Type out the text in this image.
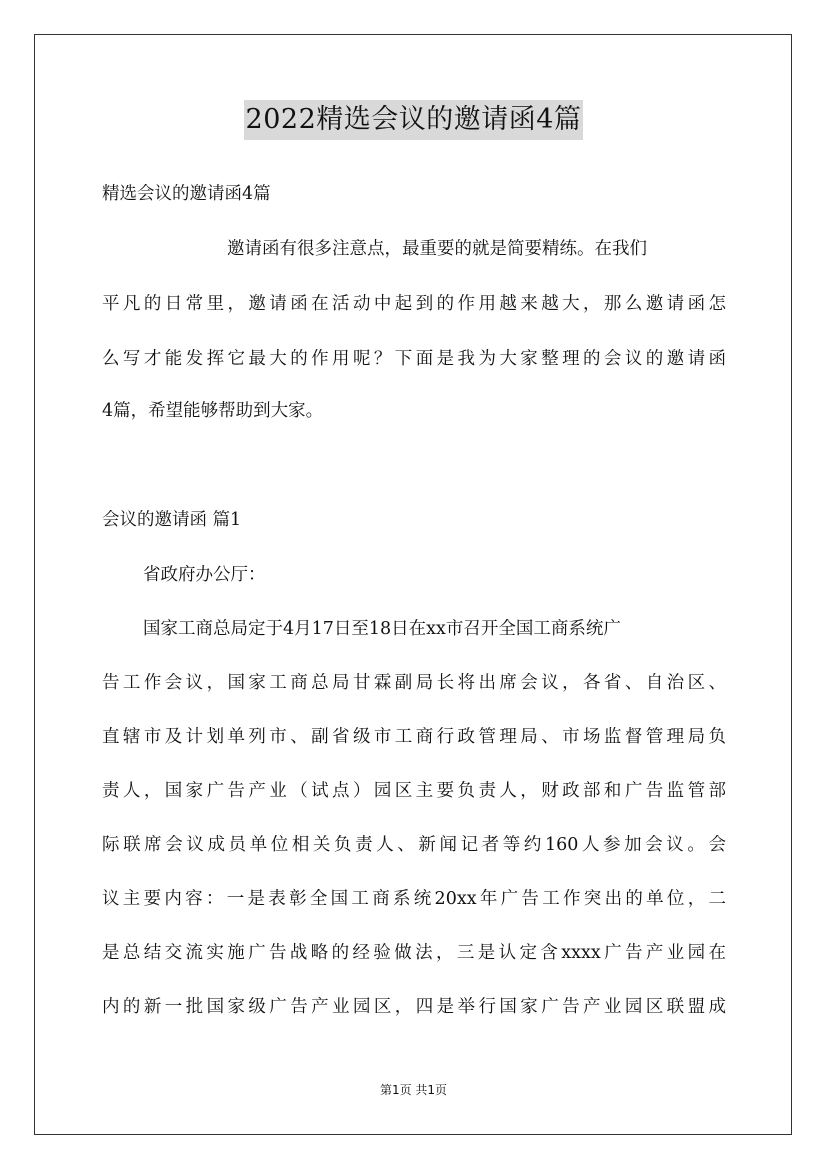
2022精选会议的邀请函4篇
精选会议的邀请函4篇
邀请函有很多注意点，最重要的就是简要精练。在我们
平凡的日常里，邀请函在活动中起到的作用越来越大，那么邀请函怎
么写才能发挥它最大的作用呢？下面是我为大家整理的会议的邀请函
4篇，希望能够帮助到大家。
会议的邀请函 篇1
省政府办公厅：
国家工商总局定于4月17日至18日在xx市召开全国工商系统广
告工作会议，国家工商总局甘霖副局长将出席会议，各省、自治区、
直辖市及计划单列市、副省级市工商行政管理局、市场监督管理局负
责人，国家广告产业（试点）园区主要负责人，财政部和广告监管部
际联席会议成员单位相关负责人、新闻记者等约160人参加会议。会
议主要内容：一是表彰全国工商系统20xx年广告工作突出的单位，二
是总结交流实施广告战略的经验做法，三是认定含xxxx广告产业园在
内的新一批国家级广告产业园区，四是举行国家广告产业园区联盟成
第1页 共1页
